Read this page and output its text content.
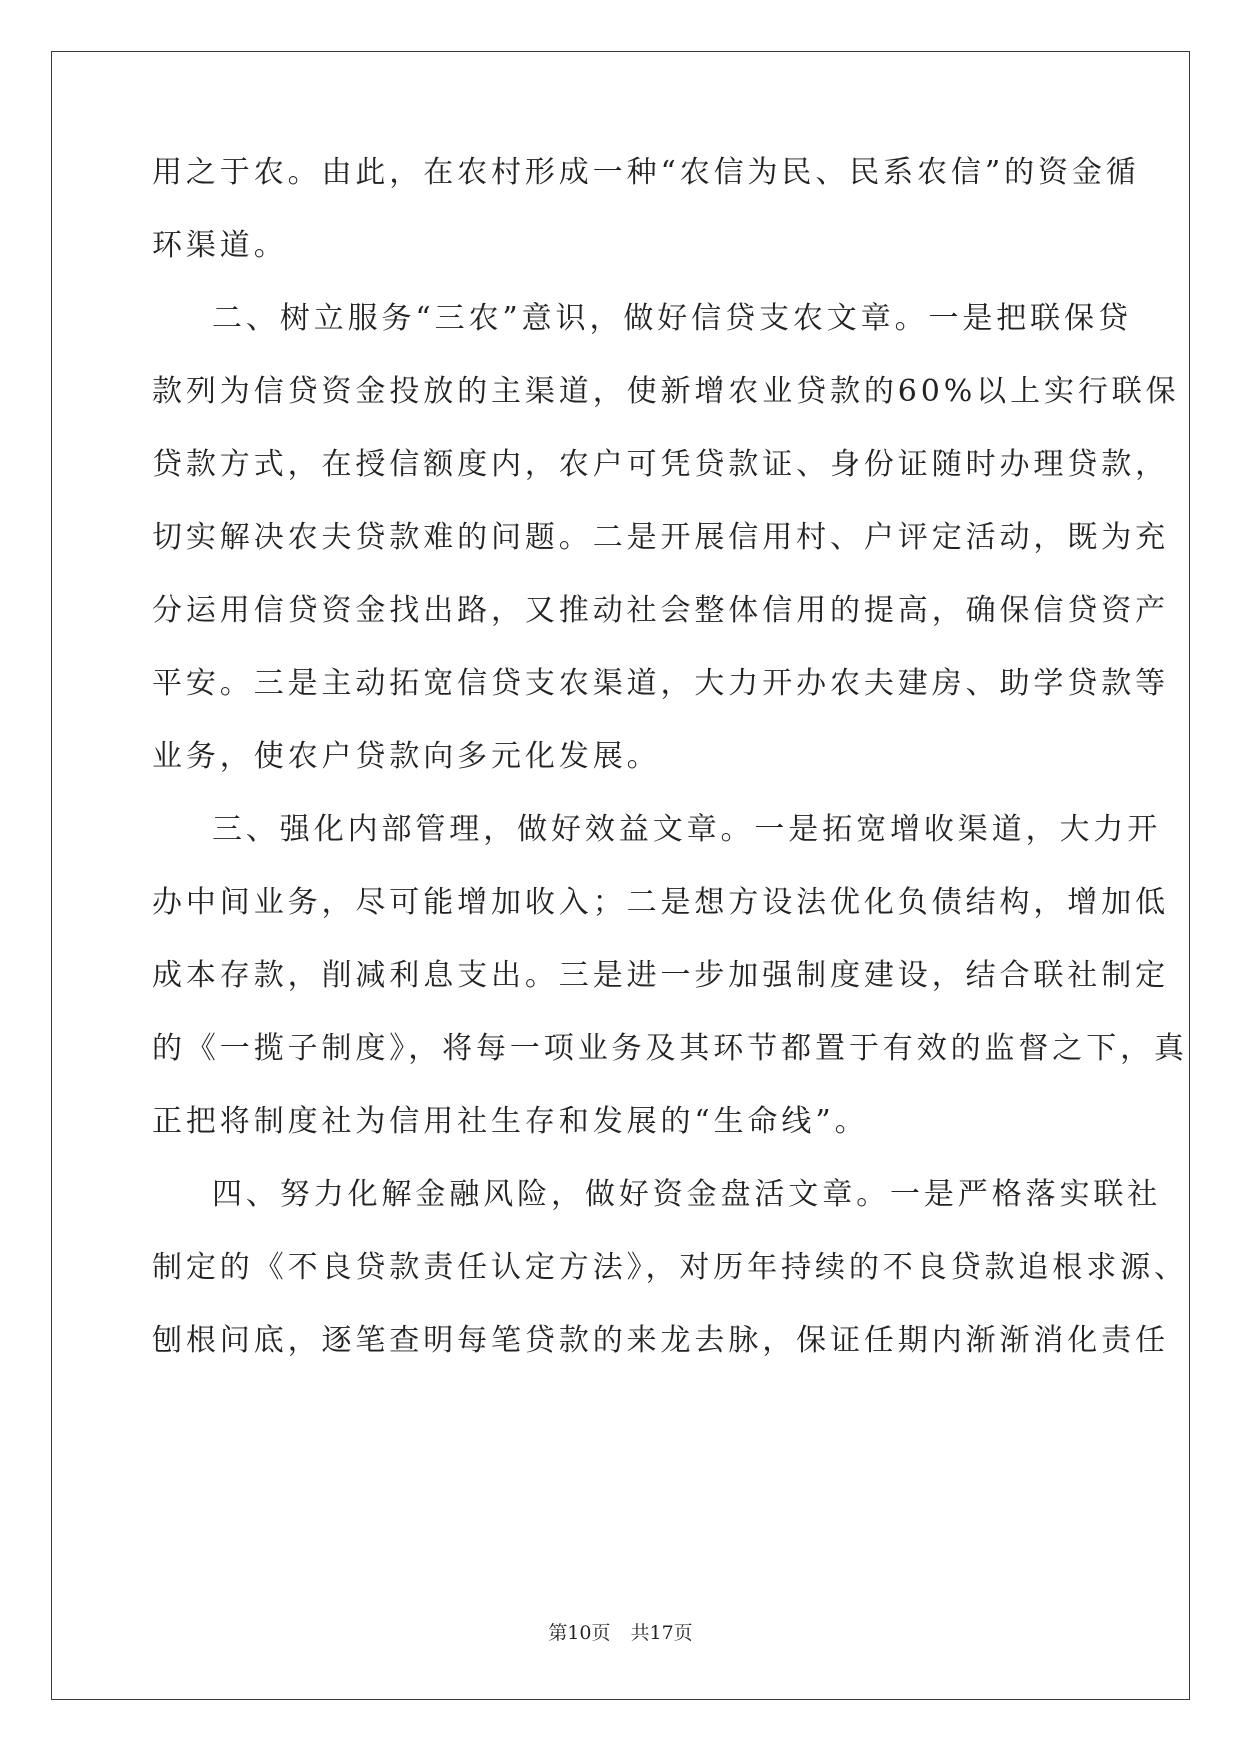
用之于农。由此，在农村形成一种“农信为民、民系农信”的资金循
环渠道。
二、树立服务“三农”意识，做好信贷支农文章。一是把联保贷
款列为信贷资金投放的主渠道，使新增农业贷款的60%以上实行联保
贷款方式，在授信额度内，农户可凭贷款证、身份证随时办理贷款，
切实解决农夫贷款难的问题。二是开展信用村、户评定活动，既为充
分运用信贷资金找出路，又推动社会整体信用的提高，确保信贷资产
平安。三是主动拓宽信贷支农渠道，大力开办农夫建房、助学贷款等
业务，使农户贷款向多元化发展。
三、强化内部管理，做好效益文章。一是拓宽增收渠道，大力开
办中间业务，尽可能增加收入；二是想方设法优化负债结构，增加低
成本存款，削减利息支出。三是进一步加强制度建设，结合联社制定
的《一揽子制度》，将每一项业务及其环节都置于有效的监督之下，真
正把将制度社为信用社生存和发展的“生命线”。
四、努力化解金融风险，做好资金盘活文章。一是严格落实联社
制定的《不良贷款责任认定方法》，对历年持续的不良贷款追根求源、
刨根问底，逐笔查明每笔贷款的来龙去脉，保证任期内渐渐消化责任
第10页 共17页
